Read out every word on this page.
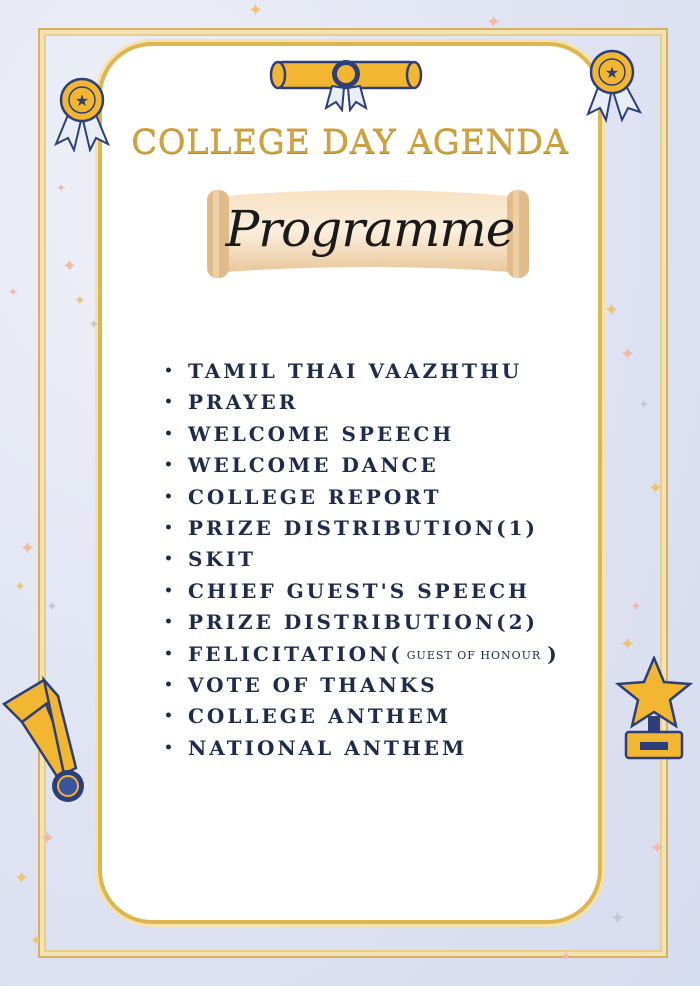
✦
✦
✦
✦
✦
✦
✦
✦
✦
✦
✦
✦
✦
✦
✦
✦
✦
✦
✦
✦
✦
✦
★
★
COLLEGE DAY AGENDA
Programme
• TAMIL THAI VAAZHTHU
• PRAYER
• WELCOME SPEECH
• WELCOME DANCE
• COLLEGE REPORT
• PRIZE DISTRIBUTION(1)
• SKIT
• CHIEF GUEST'S SPEECH
• PRIZE DISTRIBUTION(2)
• FELICITATION( GUEST OF HONOUR )
• VOTE OF THANKS
• COLLEGE ANTHEM
• NATIONAL ANTHEM
